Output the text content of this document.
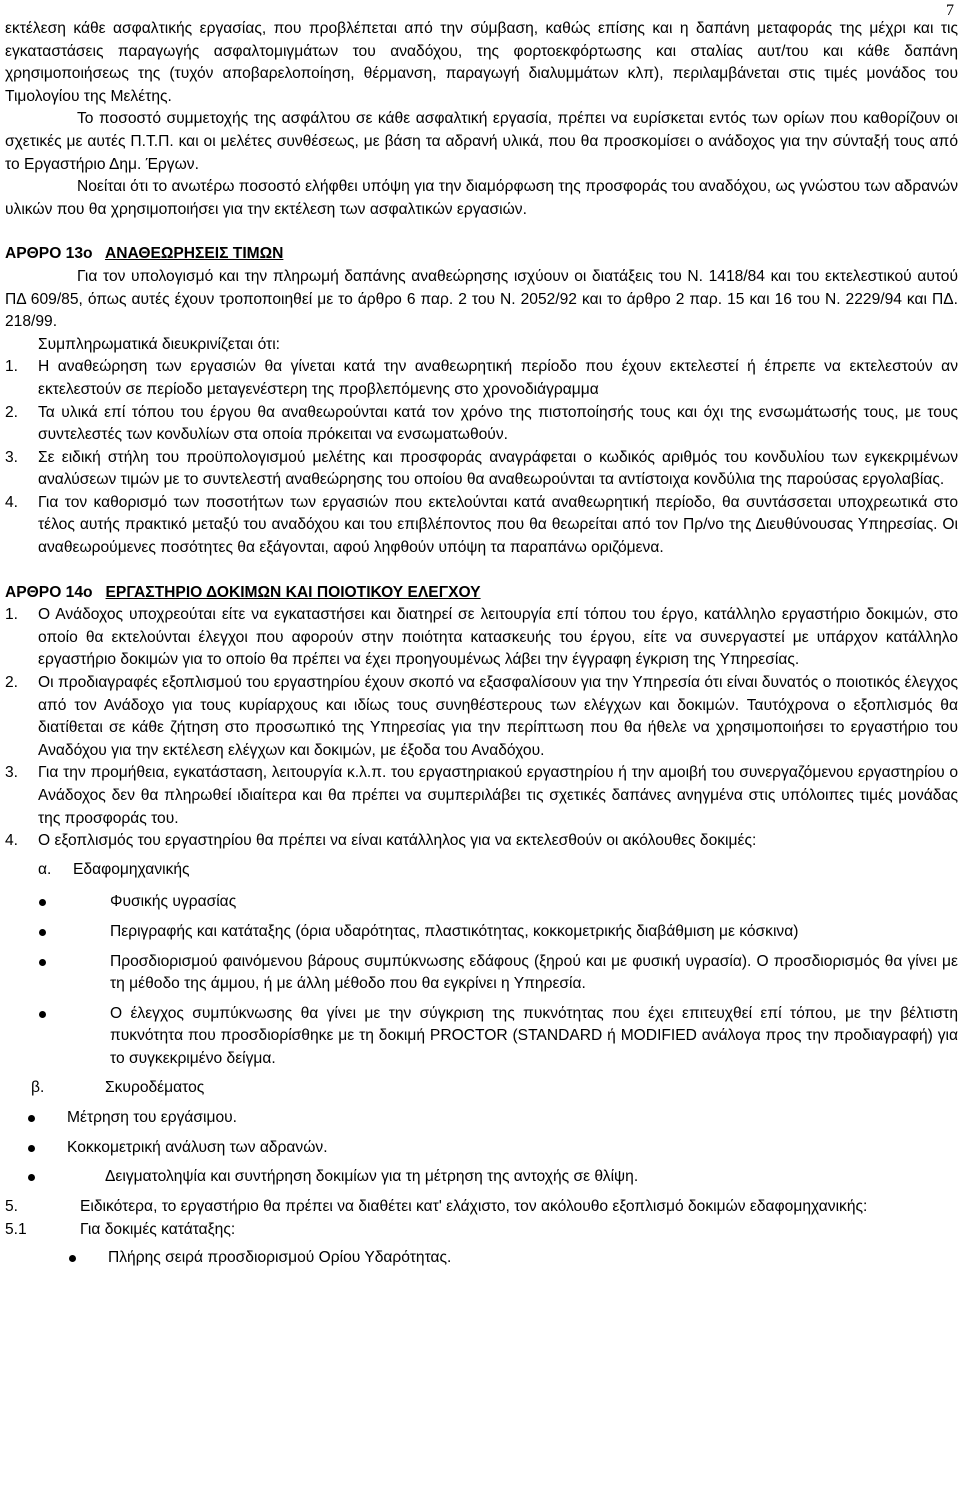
7

εκτέλεση κάθε ασφαλτικής εργασίας, που προβλέπεται από την σύμβαση, καθώς επίσης και η δαπάνη μεταφοράς της μέχρι και τις εγκαταστάσεις παραγωγής ασφαλτομιγμάτων του αναδόχου, της φορτοεκφόρτωσης και σταλίας αυτ/του και κάθε δαπάνη χρησιμοποιήσεως της (τυχόν αποβαρελοποίηση, θέρμανση, παραγωγή διαλυμμάτων κλπ), περιλαμβάνεται στις τιμές μονάδος του Τιμολογίου της Μελέτης.

Το ποσοστό συμμετοχής της ασφάλτου σε κάθε ασφαλτική εργασία, πρέπει να ευρίσκεται εντός των ορίων που καθορίζουν οι σχετικές με αυτές Π.Τ.Π. και οι μελέτες συνθέσεως, με βάση τα αδρανή υλικά, που θα προσκομίσει ο ανάδοχος για την σύνταξή τους από το Εργαστήριο Δημ. Έργων.

Νοείται ότι το ανωτέρω ποσοστό ελήφθει υπόψη για την διαμόρφωση της προσφοράς του αναδόχου, ως γνώστου των αδρανών υλικών που θα χρησιμοποιήσει για την εκτέλεση των ασφαλτικών εργασιών.

ΑΡΘΡΟ 13ο ΑΝΑΘΕΩΡΗΣΕΙΣ ΤΙΜΩΝ

Για τον υπολογισμό και την πληρωμή δαπάνης αναθεώρησης ισχύουν οι διατάξεις του Ν. 1418/84 και του εκτελεστικού αυτού ΠΔ 609/85, όπως αυτές έχουν τροποποιηθεί με το άρθρο 6 παρ. 2 του Ν. 2052/92 και το άρθρο 2 παρ. 15 και 16 του Ν. 2229/94 και ΠΔ. 218/99.

Συμπληρωματικά διευκρινίζεται ότι:

1. Η αναθεώρηση των εργασιών θα γίνεται κατά την αναθεωρητική περίοδο που έχουν εκτελεστεί ή έπρεπε να εκτελεστούν αν εκτελεστούν σε περίοδο μεταγενέστερη της προβλεπόμενης στο χρονοδιάγραμμα
2. Τα υλικά επί τόπου του έργου θα αναθεωρούνται κατά τον χρόνο της πιστοποίησής τους και όχι της ενσωμάτωσής τους, με τους συντελεστές των κονδυλίων στα οποία πρόκειται να ενσωματωθούν.
3. Σε ειδική στήλη του προϋπολογισμού μελέτης και προσφοράς αναγράφεται ο κωδικός αριθμός του κονδυλίου των εγκεκριμένων αναλύσεων τιμών με το συντελεστή αναθεώρησης του οποίου θα αναθεωρούνται τα αντίστοιχα κονδύλια της παρούσας εργολαβίας.
4. Για τον καθορισμό των ποσοτήτων των εργασιών που εκτελούνται κατά αναθεωρητική περίοδο, θα συντάσσεται υποχρεωτικά στο τέλος αυτής πρακτικό μεταξύ του αναδόχου και του επιβλέποντος που θα θεωρείται από τον Πρ/νο της Διευθύνουσας Υπηρεσίας. Οι αναθεωρούμενες ποσότητες θα εξάγονται, αφού ληφθούν υπόψη τα παραπάνω οριζόμενα.
ΑΡΘΡΟ 14ο ΕΡΓΑΣΤΗΡΙΟ ΔΟΚΙΜΩΝ ΚΑΙ ΠΟΙΟΤΙΚΟΥ ΕΛΕΓΧΟΥ
1. Ο Ανάδοχος υποχρεούται είτε να εγκαταστήσει και διατηρεί σε λειτουργία επί τόπου του έργο, κατάλληλο εργαστήριο δοκιμών, στο οποίο θα εκτελούνται έλεγχοι που αφορούν στην ποιότητα κατασκευής του έργου, είτε να συνεργαστεί με υπάρχον κατάλληλο εργαστήριο δοκιμών για το οποίο θα πρέπει να έχει προηγουμένως λάβει την έγγραφη έγκριση της Υπηρεσίας.
2. Οι προδιαγραφές εξοπλισμού του εργαστηρίου έχουν σκοπό να εξασφαλίσουν για την Υπηρεσία ότι είναι δυνατός ο ποιοτικός έλεγχος από τον Ανάδοχο για τους κυρίαρχους και ιδίως τους συνηθέστερους των ελέγχων και δοκιμών. Ταυτόχρονα ο εξοπλισμός θα διατίθεται σε κάθε ζήτηση στο προσωπικό της Υπηρεσίας για την περίπτωση που θα ήθελε να χρησιμοποιήσει το εργαστήριο του Αναδόχου για την εκτέλεση ελέγχων και δοκιμών, με έξοδα του Αναδόχου.
3. Για την προμήθεια, εγκατάσταση, λειτουργία κ.λ.π. του εργαστηριακού εργαστηρίου ή την αμοιβή του συνεργαζόμενου εργαστηρίου ο Ανάδοχος δεν θα πληρωθεί ιδιαίτερα και θα πρέπει να συμπεριλάβει τις σχετικές δαπάνες ανηγμένα στις υπόλοιπες τιμές μονάδας της προσφοράς του.
4. Ο εξοπλισμός του εργαστηρίου θα πρέπει να είναι κατάλληλος για να εκτελεσθούν οι ακόλουθες δοκιμές:
α. Εδαφομηχανικής
Φυσικής υγρασίας
Περιγραφής και κατάταξης (όρια υδαρότητας, πλαστικότητας, κοκκομετρικής διαβάθμιση με κόσκινα)
Προσδιορισμού φαινόμενου βάρους συμπύκνωσης εδάφους (ξηρού και με φυσική υγρασία). Ο προσδιορισμός θα γίνει με τη μέθοδο της άμμου, ή με άλλη μέθοδο που θα εγκρίνει η Υπηρεσία.
Ο έλεγχος συμπύκνωσης θα γίνει με την σύγκριση της πυκνότητας που έχει επιτευχθεί επί τόπου, με την βέλτιστη πυκνότητα που προσδιορίσθηκε με τη δοκιμή PROCTOR (STANDARD ή MODIFIED ανάλογα προς την προδιαγραφή) για το συγκεκριμένο δείγμα.
β.	Σκυροδέματος
Μέτρηση του εργάσιμου.
Κοκκομετρική ανάλυση των αδρανών.
Δειγματοληψία και συντήρηση δοκιμίων για τη μέτρηση της αντοχής σε θλίψη.
5.	Ειδικότερα, το εργαστήριο θα πρέπει να διαθέτει κατ' ελάχιστο, τον ακόλουθο εξοπλισμό δοκιμών εδαφομηχανικής:
5.1	Για δοκιμές κατάταξης:
Πλήρης σειρά προσδιορισμού Ορίου Υδαρότητας.
